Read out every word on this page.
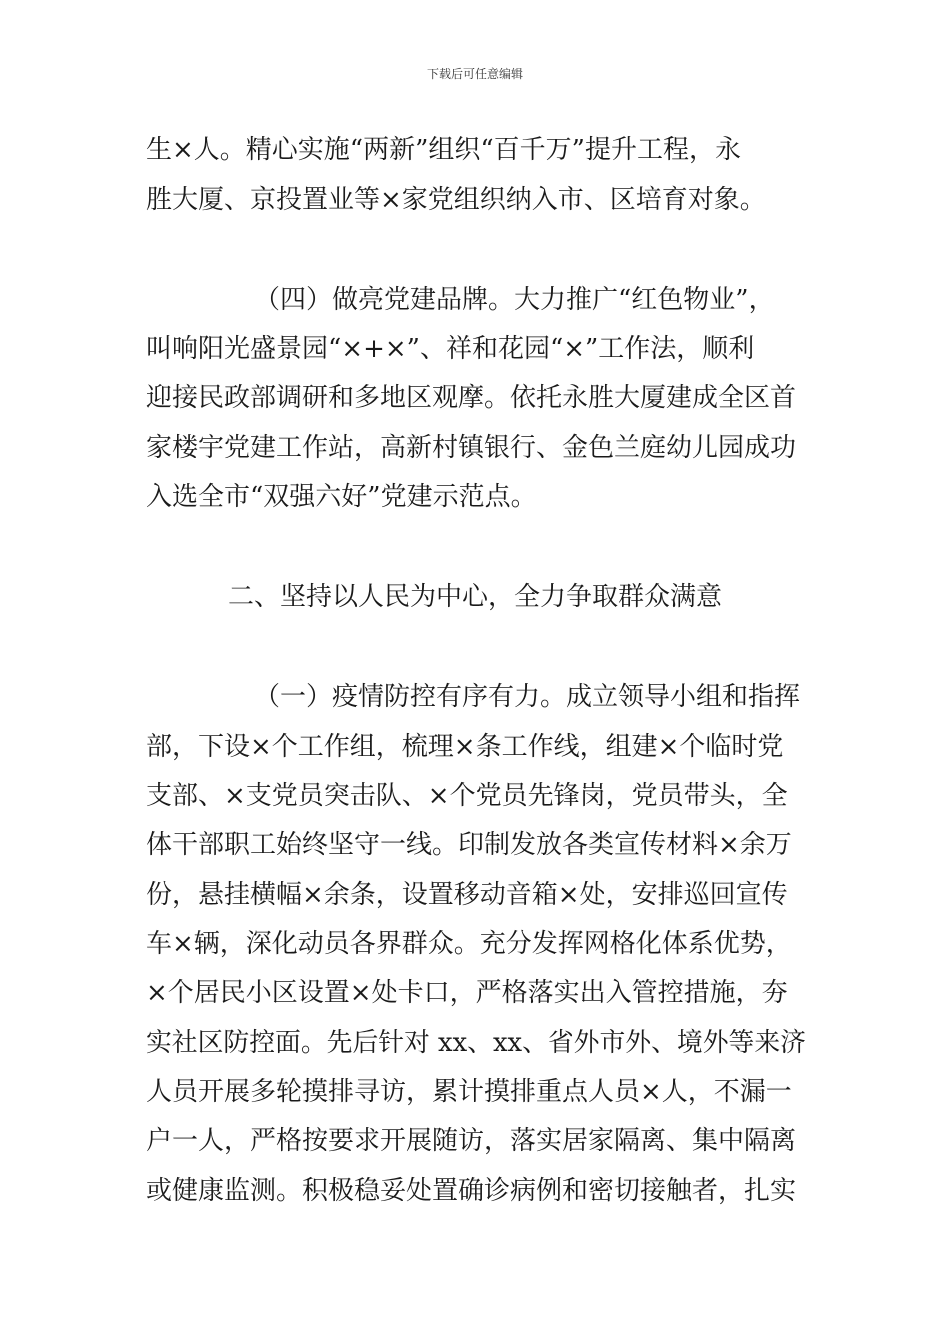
下载后可任意编辑
生×人。精心实施“两新”组织“百千万”提升工程，永
胜大厦、京投置业等×家党组织纳入市、区培育对象。
（四）做亮党建品牌。大力推广“红色物业”，
叫响阳光盛景园“×+×”、祥和花园“×”工作法，顺利
迎接民政部调研和多地区观摩。依托永胜大厦建成全区首
家楼宇党建工作站，高新村镇银行、金色兰庭幼儿园成功
入选全市“双强六好”党建示范点。
二、坚持以人民为中心，全力争取群众满意
（一）疫情防控有序有力。成立领导小组和指挥
部，下设×个工作组，梳理×条工作线，组建×个临时党
支部、×支党员突击队、×个党员先锋岗，党员带头，全
体干部职工始终坚守一线。印制发放各类宣传材料×余万
份，悬挂横幅×余条，设置移动音箱×处，安排巡回宣传
车×辆，深化动员各界群众。充分发挥网格化体系优势，
×个居民小区设置×处卡口，严格落实出入管控措施，夯
实社区防控面。先后针对 xx、xx、省外市外、境外等来济
人员开展多轮摸排寻访，累计摸排重点人员×人，不漏一
户一人，严格按要求开展随访，落实居家隔离、集中隔离
或健康监测。积极稳妥处置确诊病例和密切接触者，扎实
